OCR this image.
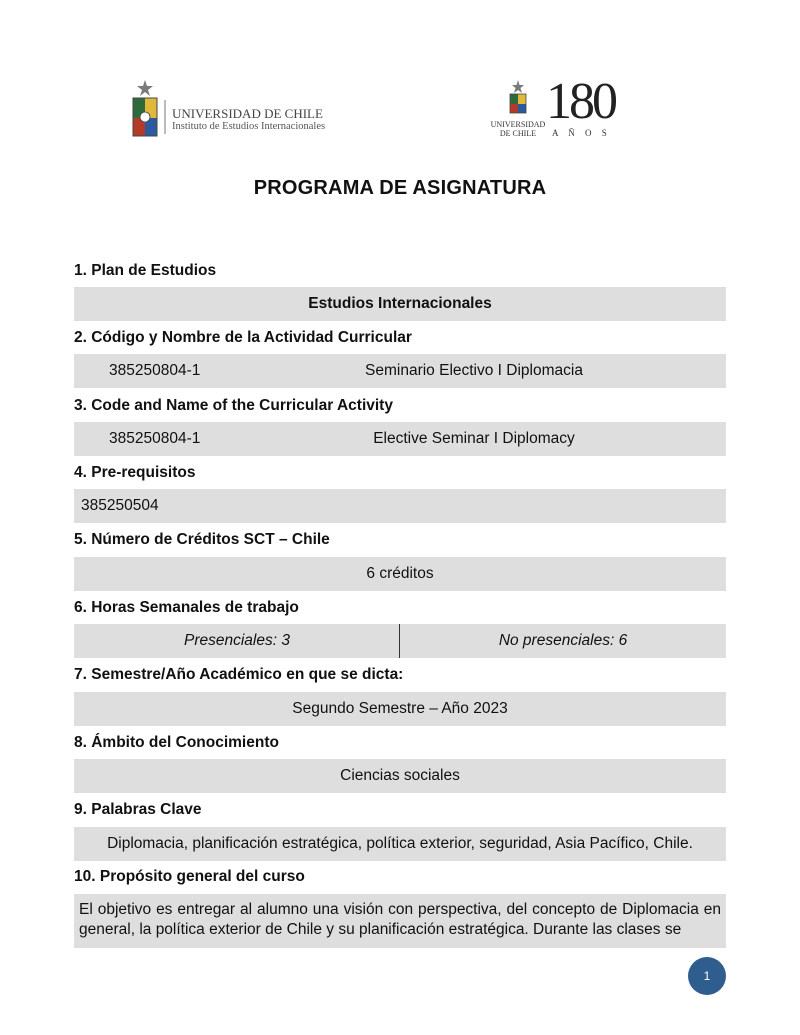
UNIVERSIDAD DE CHILE
Instituto de Estudios Internacionales	UNIVERSIDAD
DE CHILE
180
A Ñ O S
PROGRAMA DE ASIGNATURA
1. Plan de Estudios
Estudios Internacionales
2. Código y Nombre de la Actividad Curricular
385250804-1	Seminario Electivo I Diplomacia
3. Code and Name of the Curricular Activity
385250804-1	Elective Seminar I Diplomacy
4. Pre-requisitos
385250504
5. Número de Créditos SCT – Chile
6 créditos
6. Horas Semanales de trabajo
Presenciales: 3	No presenciales: 6
7. Semestre/Año Académico en que se dicta:
Segundo Semestre – Año 2023
8. Ámbito del Conocimiento
Ciencias sociales
9. Palabras Clave
Diplomacia, planificación estratégica, política exterior, seguridad, Asia Pacífico, Chile.
10. Propósito general del curso
El objetivo es entregar al alumno una visión con perspectiva, del concepto de Diplomacia en general, la política exterior de Chile y su planificación estratégica. Durante las clases se
1
